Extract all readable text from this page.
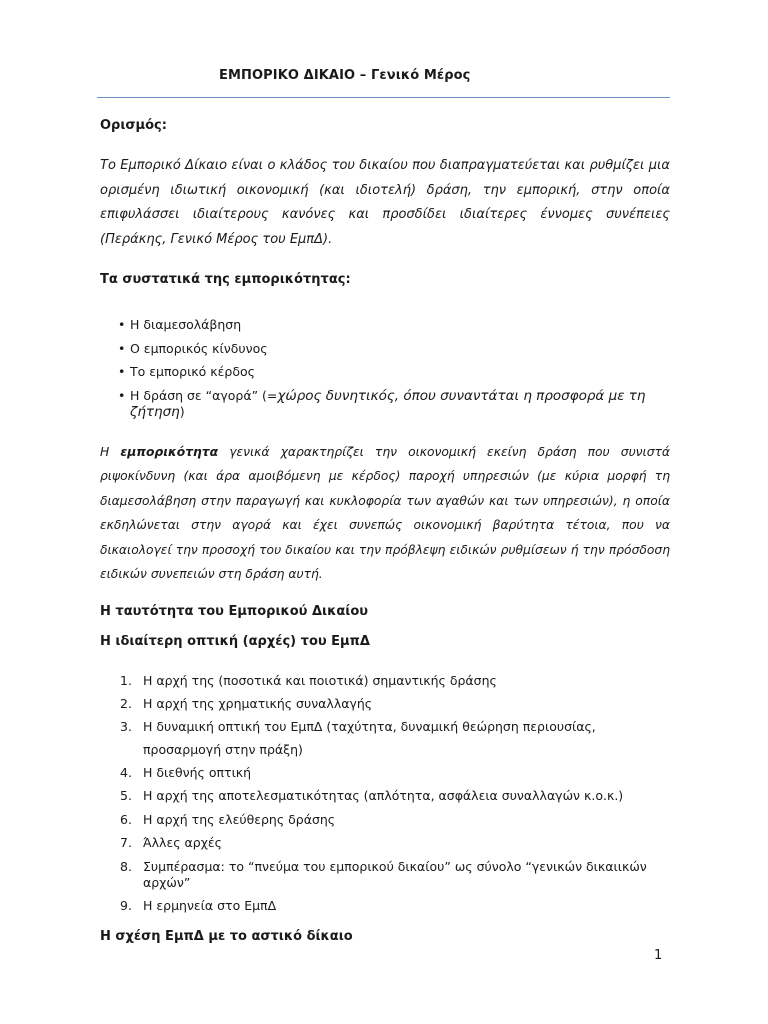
ΕΜΠΟΡΙΚΟ ΔΙΚΑΙΟ – Γενικό Μέρος

Ορισμός:

Το Εμπορικό Δίκαιο είναι ο κλάδος του δικαίου που διαπραγματεύεται και ρυθμίζει μια ορισμένη ιδιωτική οικονομική (και ιδιοτελή) δράση, την εμπορική, στην οποία επιφυλάσσει ιδιαίτερους κανόνες και προσδίδει ιδιαίτερες έννομες συνέπειες (Περάκης, Γενικό Μέρος του ΕμπΔ).

Τα συστατικά της εμπορικότητας:

• Η διαμεσολάβηση
• Ο εμπορικός κίνδυνος
• Το εμπορικό κέρδος
• Η δράση σε “αγορά” (=χώρος δυνητικός, όπου συναντάται η προσφορά με τη ζήτηση)

Η εμπορικότητα γενικά χαρακτηρίζει την οικονομική εκείνη δράση που συνιστά ριψοκίνδυνη (και άρα αμοιβόμενη με κέρδος) παροχή υπηρεσιών (με κύρια μορφή τη διαμεσολάβηση στην παραγωγή και κυκλοφορία των αγαθών και των υπηρεσιών), η οποία εκδηλώνεται στην αγορά και έχει συνεπώς οικονομική βαρύτητα τέτοια, που να δικαιολογεί την προσοχή του δικαίου και την πρόβλεψη ειδικών ρυθμίσεων ή την πρόσδοση ειδικών συνεπειών στη δράση αυτή.

Η ταυτότητα του Εμπορικού Δικαίου

Η ιδιαίτερη οπτική (αρχές) του ΕμπΔ

1. Η αρχή της (ποσοτικά και ποιοτικά) σημαντικής δράσης
2. Η αρχή της χρηματικής συναλλαγής
3. Η δυναμική οπτική του ΕμπΔ (ταχύτητα, δυναμική θεώρηση περιουσίας, προσαρμογή στην πράξη)
4. Η διεθνής οπτική
5. Η αρχή της αποτελεσματικότητας (απλότητα, ασφάλεια συναλλαγών κ.ο.κ.)
6. Η αρχή της ελεύθερης δράσης
7. Άλλες αρχές
8. Συμπέρασμα: το “πνεύμα του εμπορικού δικαίου” ως σύνολο “γενικών δικαιικών αρχών”
9. Η ερμηνεία στο ΕμπΔ

Η σχέση ΕμπΔ με το αστικό δίκαιο

1
